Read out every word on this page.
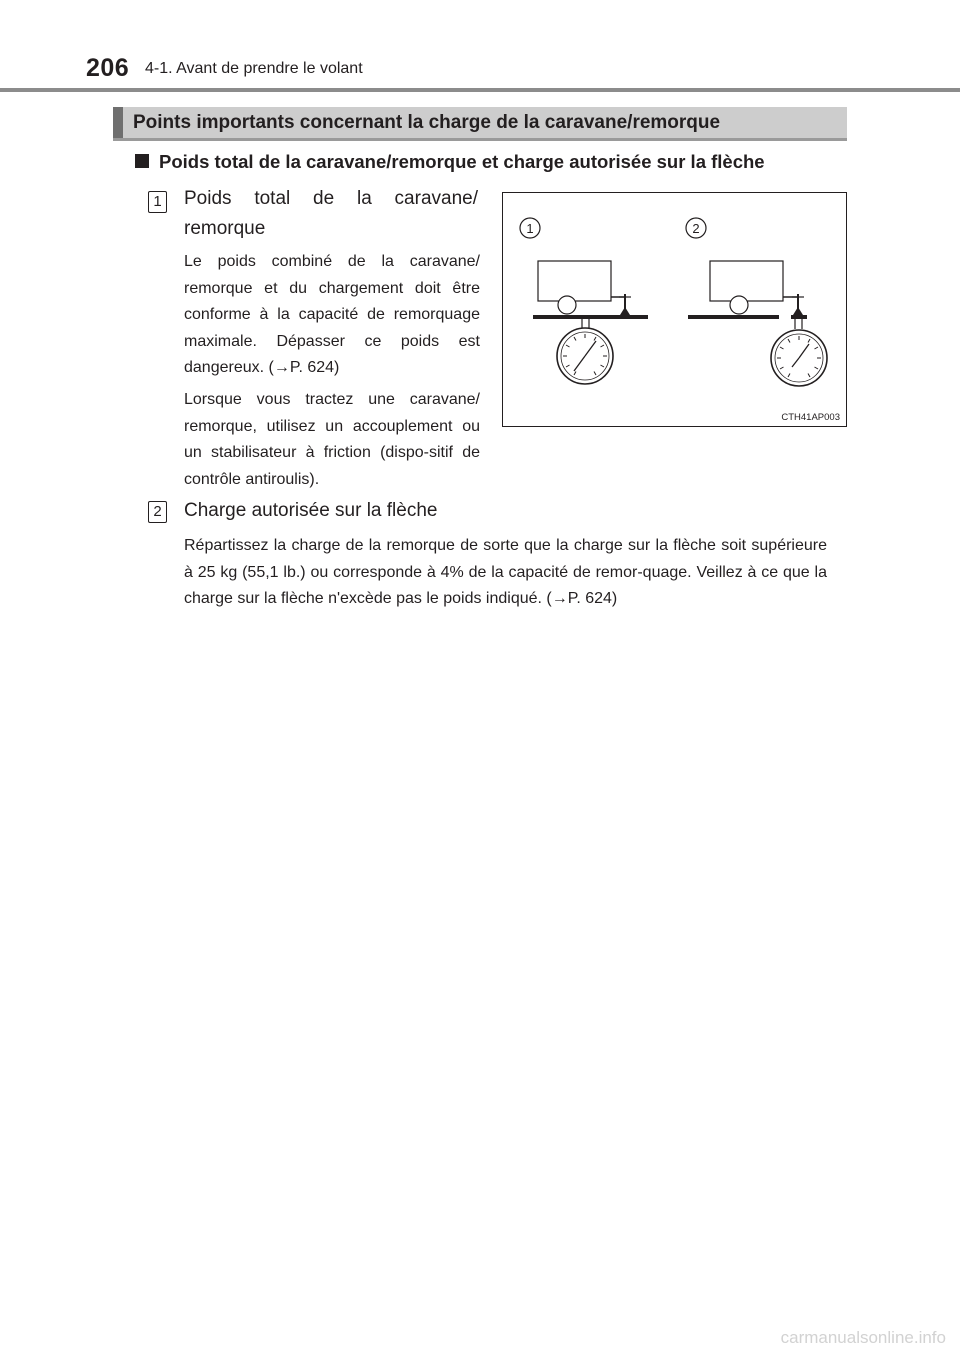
206 4-1. Avant de prendre le volant
Points importants concernant la charge de la caravane/remorque
Poids total de la caravane/remorque et charge autorisée sur la flèche
1 Poids total de la caravane/ remorque
Le poids combiné de la caravane/ remorque et du chargement doit être conforme à la capacité de remorquage maximale. Dépasser ce poids est dangereux. (→P. 624)
Lorsque vous tractez une caravane/ remorque, utilisez un accouplement ou un stabilisateur à friction (dispo-sitif de contrôle antiroulis).
1	2
CTH41AP003
2 Charge autorisée sur la flèche
Répartissez la charge de la remorque de sorte que la charge sur la flèche soit supérieure à 25 kg (55,1 lb.) ou corresponde à 4% de la capacité de remor-quage. Veillez à ce que la charge sur la flèche n'excède pas le poids indiqué. (→P. 624)
carmanualsonline.info
